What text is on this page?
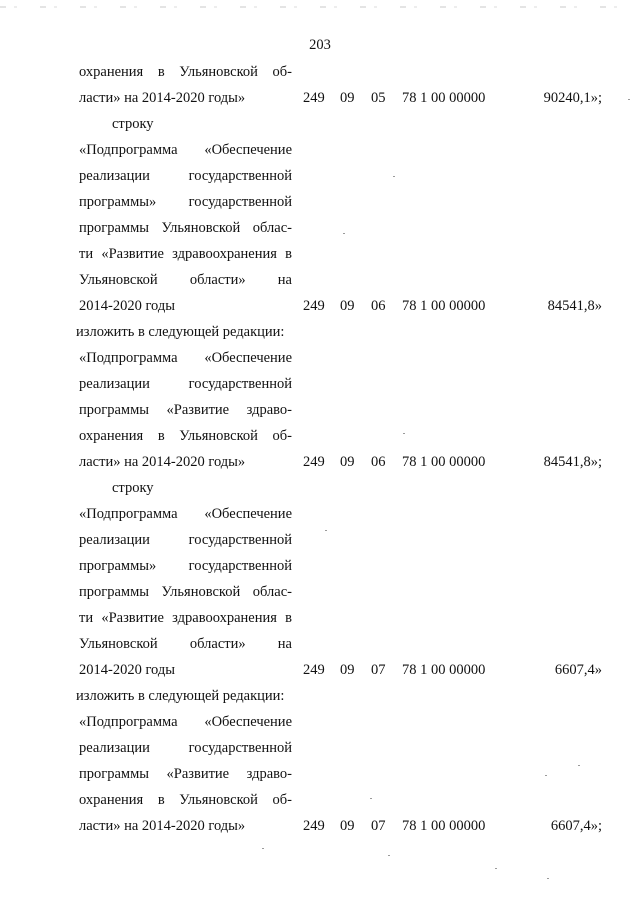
203
охранения в Ульяновской об-
ласти» на 2014-2020 годы»	249 09 05 78 1 00 00000	90240,1»;
строку
«Подпрограмма «Обеспечение
реализации государственной
программы» государственной
программы Ульяновской облас-
ти «Развитие здравоохранения в
Ульяновской области» на
2014-2020 годы	249 09 06 78 1 00 00000	84541,8»
изложить в следующей редакции:
«Подпрограмма «Обеспечение
реализации государственной
программы «Развитие здраво-
охранения в Ульяновской об-
ласти» на 2014-2020 годы»	249 09 06 78 1 00 00000	84541,8»;
строку
«Подпрограмма «Обеспечение
реализации государственной
программы» государственной
программы Ульяновской облас-
ти «Развитие здравоохранения в
Ульяновской области» на
2014-2020 годы	249 09 07 78 1 00 00000	6607,4»
изложить в следующей редакции:
«Подпрограмма «Обеспечение
реализации государственной
программы «Развитие здраво-
охранения в Ульяновской об-
ласти» на 2014-2020 годы»	249 09 07 78 1 00 00000	6607,4»;
